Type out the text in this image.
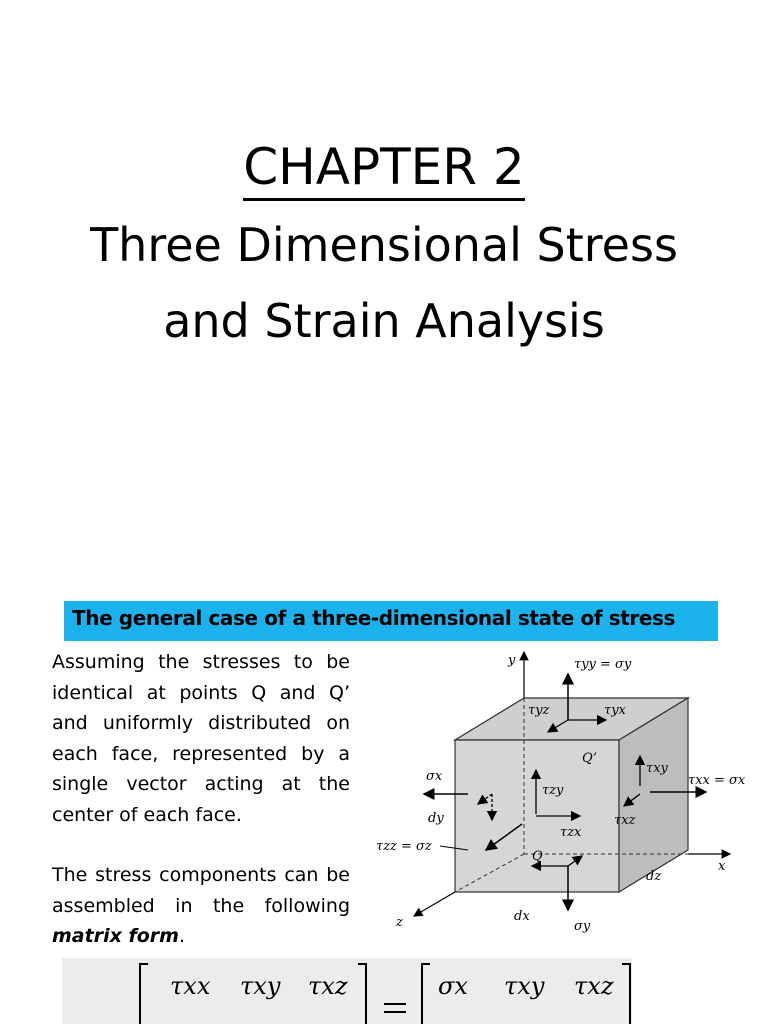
CHAPTER 2
Three Dimensional Stress
and Strain Analysis
The general case of a three-dimensional state of stress
Assuming the stresses to be identical at points Q and Q’ and uniformly distributed on each face, represented by a single vector acting at the center of each face.
The stress components can be assembled in the following matrix form.
y
x
z
τyy = σy
τyz	τyx
Q’
σx
τxy
τxx = σx
τzy
dy	τxz
τzx
τzz = σz
Q
dz
dx
σy
τxx τxy τxz	σx τxy τxz
